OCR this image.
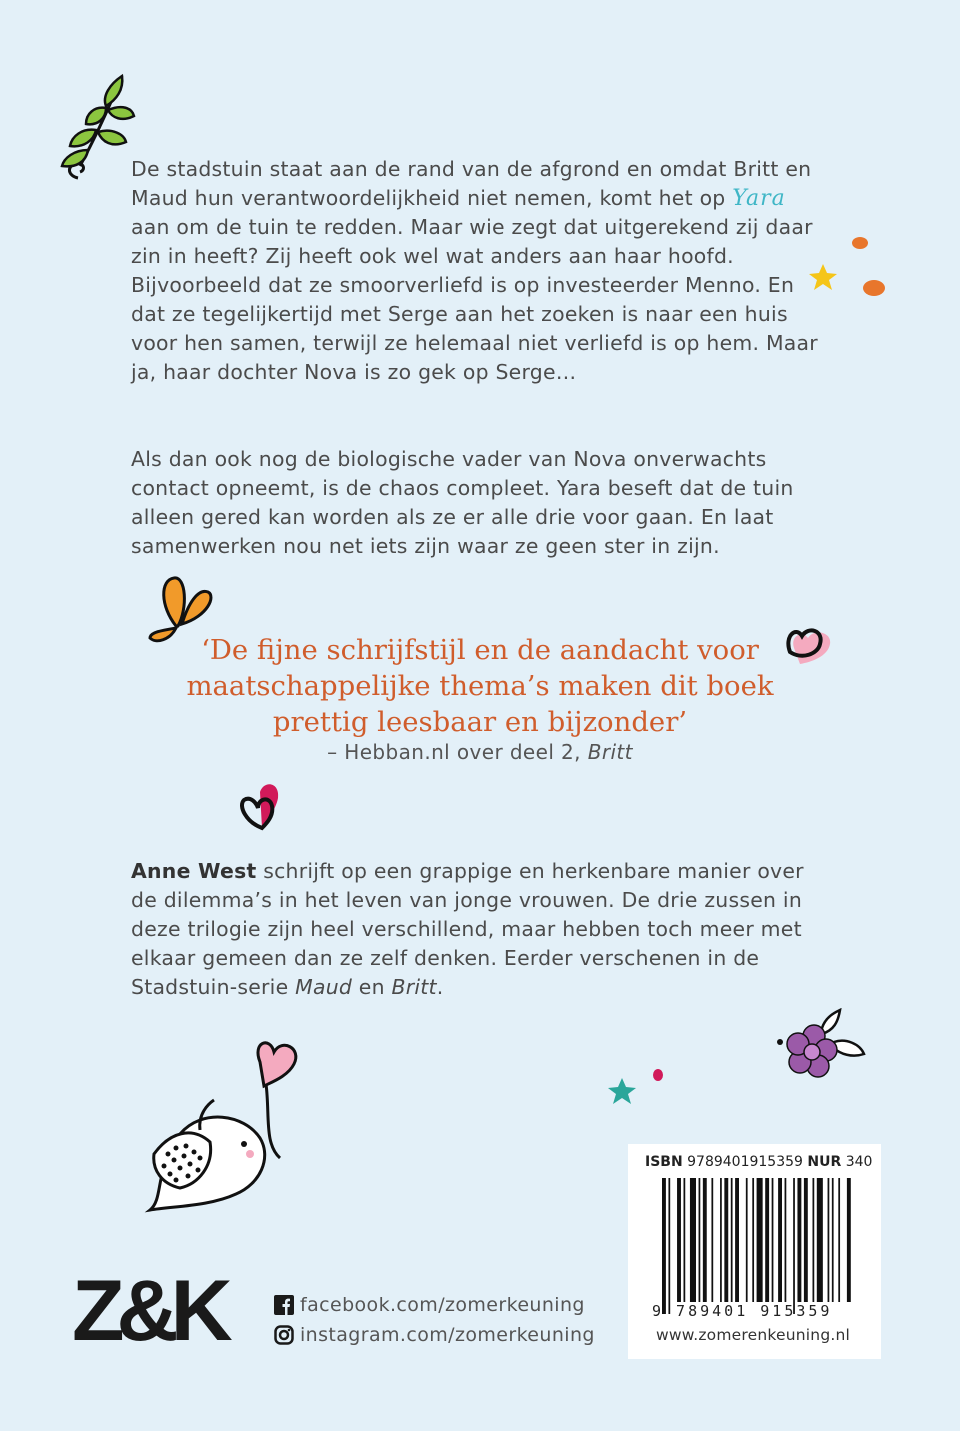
De stadstuin staat aan de rand van de afgrond en omdat Britt en Maud hun verantwoordelijkheid niet nemen, komt het op Yara aan om de tuin te redden. Maar wie zegt dat uitgerekend zij daar zin in heeft? Zij heeft ook wel wat anders aan haar hoofd. Bijvoorbeeld dat ze smoorverliefd is op investeerder Menno. En dat ze tegelijkertijd met Serge aan het zoeken is naar een huis voor hen samen, terwijl ze helemaal niet verliefd is op hem. Maar ja, haar dochter Nova is zo gek op Serge…

Als dan ook nog de biologische vader van Nova onverwachts contact opneemt, is de chaos compleet. Yara beseft dat de tuin alleen gered kan worden als ze er alle drie voor gaan. En laat samenwerken nou net iets zijn waar ze geen ster in zijn.

‘De fijne schrijfstijl en de aandacht voor
maatschappelijke thema’s maken dit boek
prettig leesbaar en bijzonder’

– Hebban.nl over deel 2, Britt

Anne West schrijft op een grappige en herkenbare manier over de dilemma’s in het leven van jonge vrouwen. De drie zussen in deze trilogie zijn heel verschillend, maar hebben toch meer met elkaar gemeen dan ze zelf denken. Eerder verschenen in de Stadstuin-serie Maud en Britt.

Z&K	facebook.com/zomerkeuning
instagram.com/zomerkeuning
ISBN 9789401915359 NUR 340
9 789401 915359
www.zomerenkeuning.nl
